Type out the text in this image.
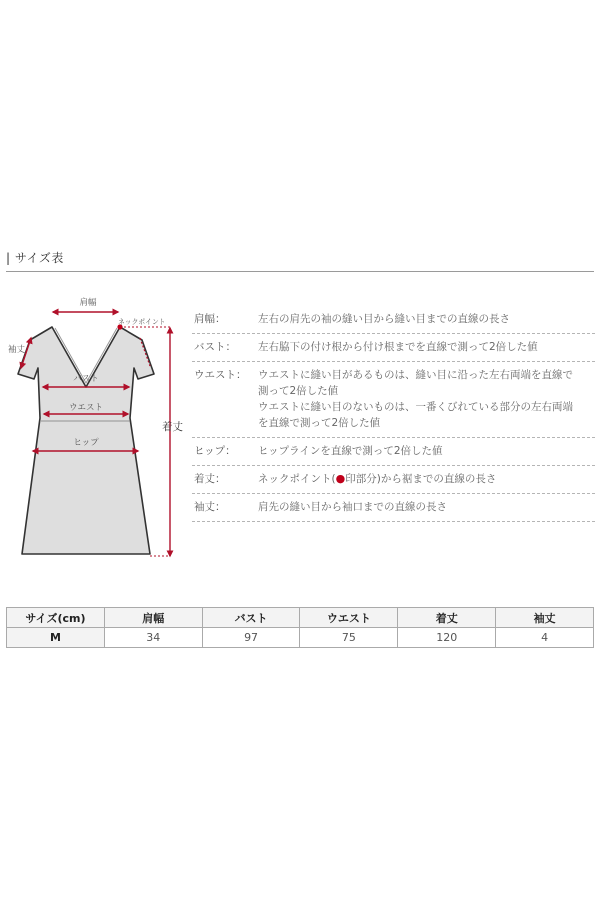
| サイズ表
肩幅
ネックポイント
袖丈
バスト
ウエスト
ヒップ
着丈
肩幅：	左右の肩先の袖の縫い目から縫い目までの直線の長さ
バスト：	左右脇下の付け根から付け根までを直線で測って2倍した値
ウエスト：	ウエストに縫い目があるものは、縫い目に沿った左右両端を直線で
測って2倍した値
ウエストに縫い目のないものは、一番くびれている部分の左右両端
を直線で測って2倍した値
ヒップ：	ヒップラインを直線で測って2倍した値
着丈：	ネックポイント(●印部分)から裾までの直線の長さ
袖丈：	肩先の縫い目から袖口までの直線の長さ
サイズ(cm)	肩幅	バスト	ウエスト	着丈	袖丈
M	34	97	75	120	4
